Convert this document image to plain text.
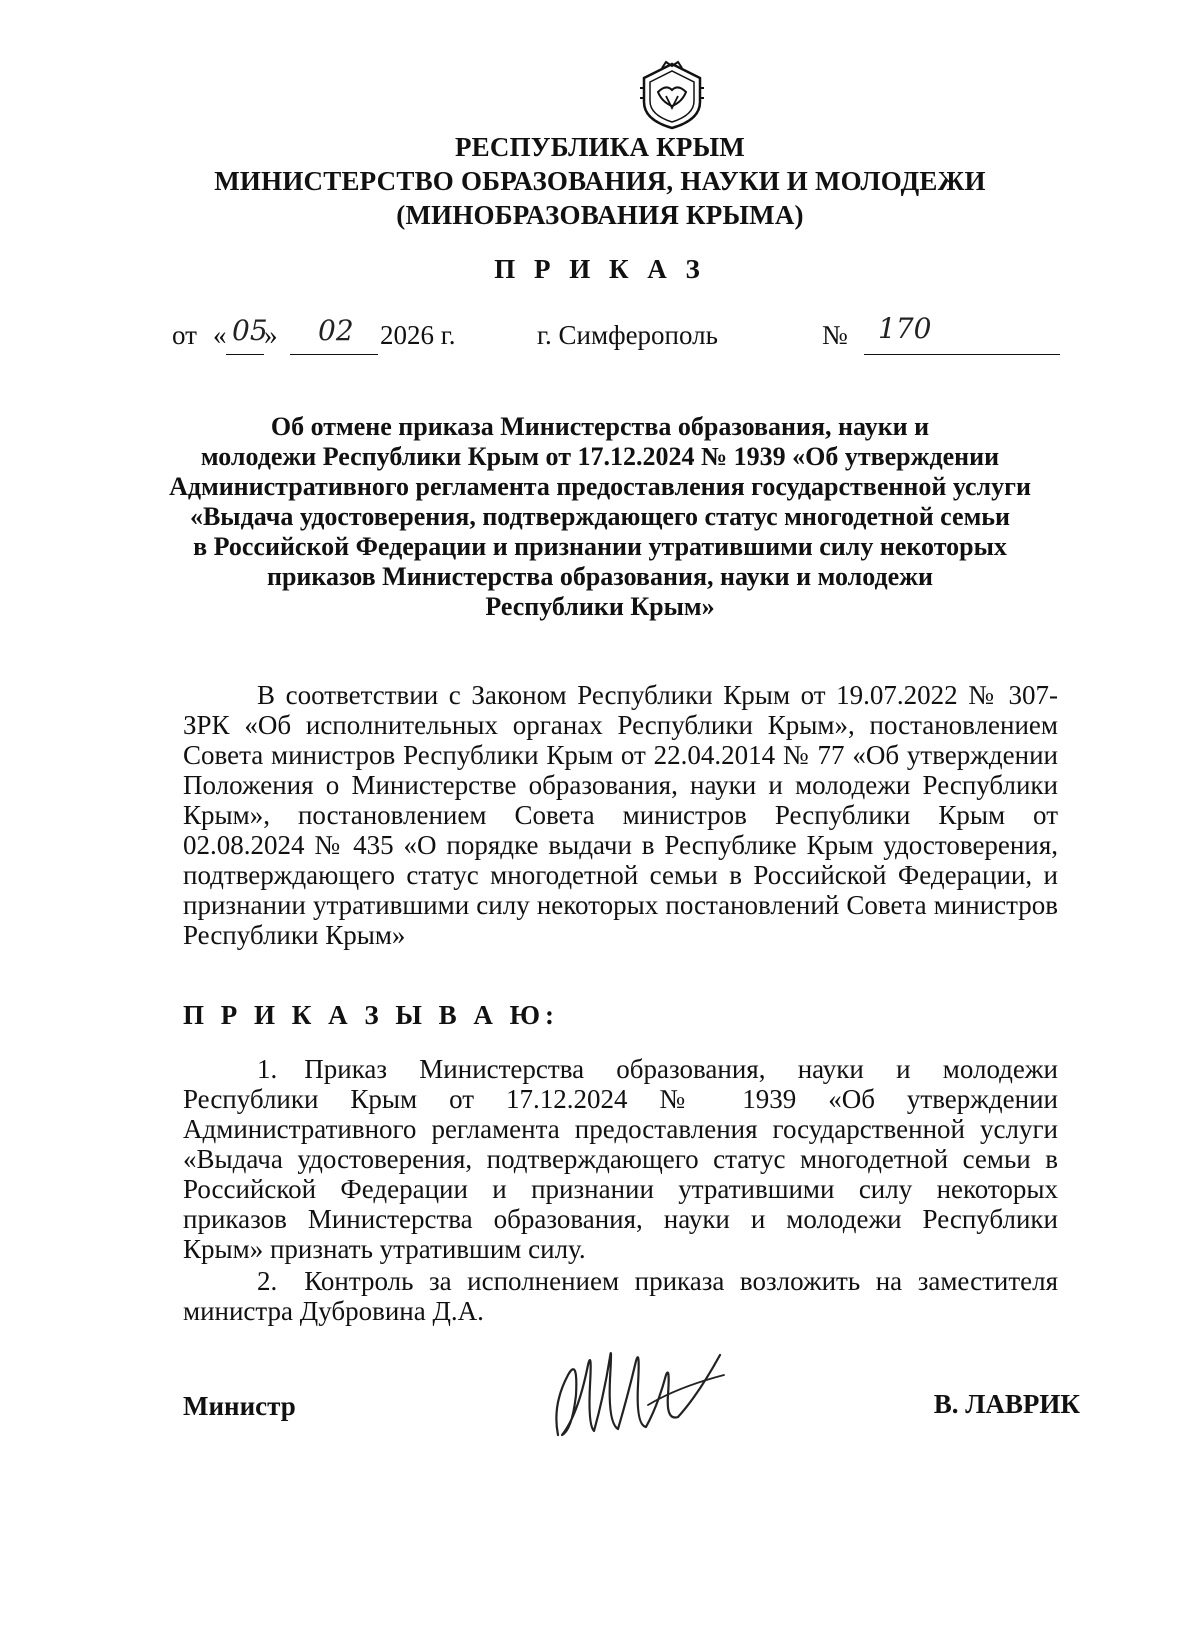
РЕСПУБЛИКА КРЫМ
МИНИСТЕРСТВО ОБРАЗОВАНИЯ, НАУКИ И МОЛОДЕЖИ
(МИНОБРАЗОВАНИЯ КРЫМА)
П Р И К А З
от « 05
» 02 2026 г.	г. Симферополь	№ 170
Об отмене приказа Министерства образования, науки и
молодежи Республики Крым от 17.12.2024 № 1939 «Об утверждении
Административного регламента предоставления государственной услуги
«Выдача удостоверения, подтверждающего статус многодетной семьи
в Российской Федерации и признании утратившими силу некоторых
приказов Министерства образования, науки и молодежи
Республики Крым»
В соответствии с Законом Республики Крым от 19.07.2022 № 307-ЗРК «Об исполнительных органах Республики Крым», постановлением Совета министров Республики Крым от 22.04.2014 № 77 «Об утверждении Положения о Министерстве образования, науки и молодежи Республики Крым», постановлением Совета министров Республики Крым от 02.08.2024 № 435 «О порядке выдачи в Республике Крым удостоверения, подтверждающего статус многодетной семьи в Российской Федерации, и признании утратившими силу некоторых постановлений Совета министров Республики Крым»
П Р И К А З Ы В А Ю:
1. Приказ Министерства образования, науки и молодежи Республики Крым от 17.12.2024 № 1939 «Об утверждении Административного регламента предоставления государственной услуги «Выдача удостоверения, подтверждающего статус многодетной семьи в Российской Федерации и признании утратившими силу некоторых приказов Министерства образования, науки и молодежи Республики Крым» признать утратившим силу.
2. Контроль за исполнением приказа возложить на заместителя министра Дубровина Д.А.
Министр	В. ЛАВРИК
